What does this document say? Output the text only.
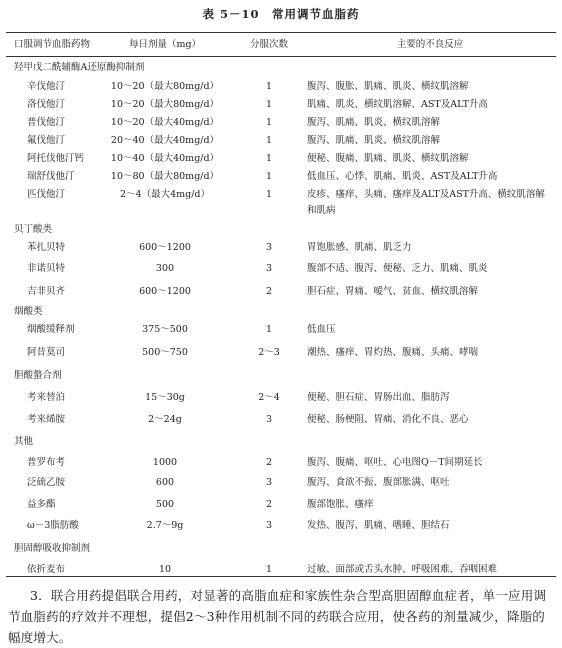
表 5－10　常用调节血脂药
口服调节血脂药物	每日剂量（mg）	分服次数	主要的不良反应
羟甲戊二酰辅酶A还原酶抑制剂
辛伐他汀	10～20（最大80mg/d）	1	腹泻、腹胀、肌痛、肌炎、横纹肌溶解
洛伐他汀	10～20（最大80mg/d）	1	肌痛、肌炎、横纹肌溶解、AST及ALT升高
普伐他汀	10～20（最大40mg/d）	1	腹泻、肌痛、肌炎、横纹肌溶解
氟伐他汀	20～40（最大40mg/d）	1	腹泻、肌痛、肌炎、横纹肌溶解
阿托伐他汀钙	10～40（最大40mg/d）	1	便秘、腹痛、肌痛、肌炎、横纹肌溶解
瑞舒伐他汀	10～80（最大80mg/d）	1	低血压、心悸、肌痛、肌炎、AST及ALT升高
匹伐他汀	2～4（最大4mg/d）	1	皮疹、瘙痒、头痛、瘙痒及ALT及AST升高、横纹肌溶解和肌病
贝丁酸类
苯扎贝特	600～1200	3	胃饱胀感、肌痛、肌乏力
非诺贝特	300	3	腹部不适、腹泻、便秘、乏力、肌痛、肌炎
吉非贝齐	600～1200	2	胆石症、胃痛、嗳气、贫血、横纹肌溶解
烟酸类
烟酸缓释剂	375～500	1	低血压
阿昔莫司	500～750	2～3	潮热、瘙痒、胃灼热、腹痛、头痛、哮喘
胆酸螯合剂
考来替泊	15～30g	2～4	便秘、胆石症、胃肠出血、脂肪泻
考来烯胺	2～24g	3	便秘、肠梗阻、胃痛、消化不良、恶心
其他
普罗布考	1000	2	腹泻、腹痛、呕吐、心电图Q－T间期延长
泛硫乙胺	600	3	腹泻、食欲不振、腹部胀满、呕吐
益多酯	500	2	腹部饱胀、瘙痒
ω－3脂肪酸	2.7～9g	3	发热、腹泻、肌痛、嗜睡、胆结石
胆固醇吸收抑制剂
依折麦布	10	1	过敏、面部或舌头水肿、呼吸困难、吞咽困难
3．联合用药提倡联合用药，对显著的高脂血症和家族性杂合型高胆固醇血症者，单一应用调节血脂药的疗效并不理想，提倡2～3种作用机制不同的药联合应用，使各药的剂量减少，降脂的幅度增大。
